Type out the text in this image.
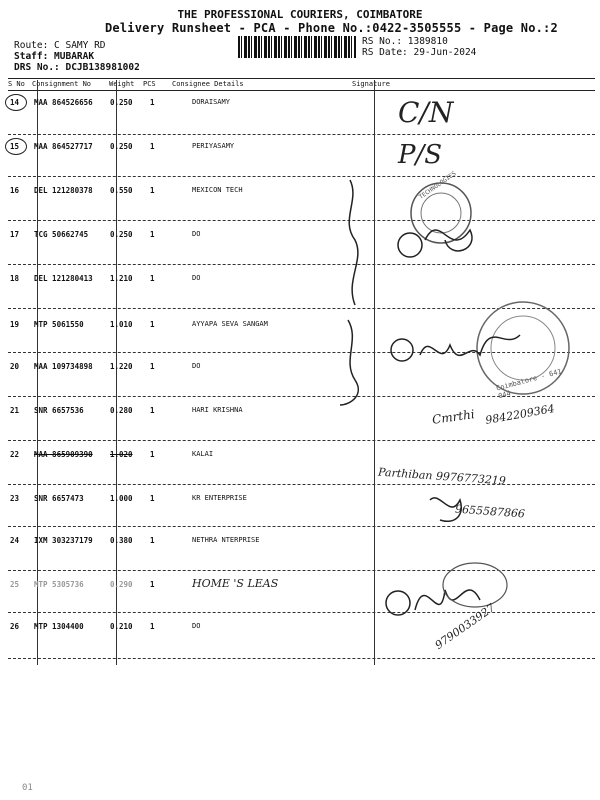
THE PROFESSIONAL COURIERS, COIMBATORE
Delivery Runsheet - PCA - Phone No.:0422-3505555 - Page No.:2
Route: C SAMY RD
Staff: MUBARAK
DRS No.: DCJB138981002
RS No.: 1389810
RS Date: 29-Jun-2024
S No Consignment No	Weight PCS Consignee Details	Signature
14 MAA 864526656 0.250 1	DORAISAMY
15 MAA 864527717 0.250 1	PERIYASAMY
16 DEL 121280378 0.550 1	MEXICON TECH
17 TCG 50662745	0.250 1	DO
18 DEL 121280413 1.210 1	DO
19 MTP 5061550	1.010 1	AYYAPA SEVA SANGAM
20 MAA 109734898 1.220 1	DO
21 SNR 6657536	0.280 1	HARI KRISHNA
22 MAA 865909390 1.020 1	KALAI
23 SNR 6657473	1.000 1	KR ENTERPRISE
24 IXM 303237179 0.380 1	NETHRA NTERPRISE
25 MTP 5305736	0.290 1	HOME 'S LEAS
26 MTP 1304400	0.210 1	DO
C/N
P/S
TECHNOLOGIES
Coimbatore - 641 044
Cmrthi 9842209364
Parthiban 9976773219
9655587866
9790033927
01
